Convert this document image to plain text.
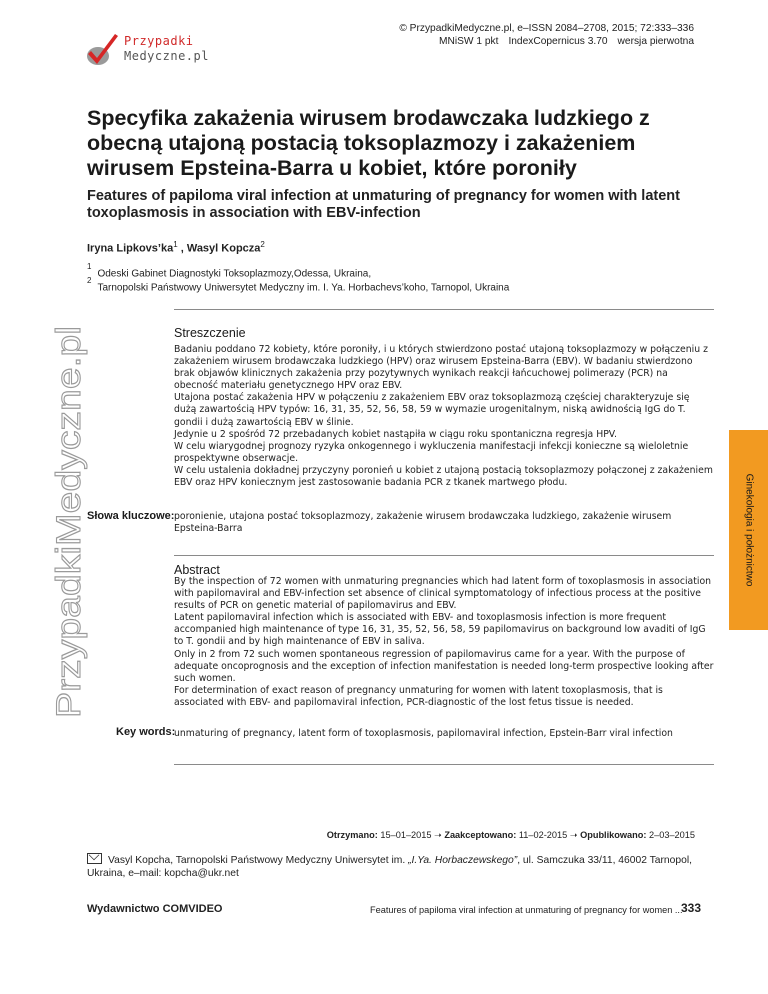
Przypadki
Medyczne.pl
© PrzypadkiMedyczne.pl, e–ISSN 2084–2708, 2015; 72:333–336
MNiSW 1 pkt IndexCopernicus 3.70 wersja pierwotna
Specyfika zakażenia wirusem brodawczaka ludzkiego z obecną utajoną postacią toksoplazmozy i zakażeniem wirusem Epsteina-Barra u kobiet, które poroniły
Features of papiloma viral infection at unmaturing of pregnancy for women with latent toxoplasmosis in association with EBV-infection
Iryna $Lipkovs’ka^1$ , Wasyl Kopcza$^2$
$^1$Odeski Gabinet Diagnostyki Toksoplazmozy,Odessa, Ukraina,
$^2$Tarnopolski Państwowy Uniwersytet Medyczny im. I. Ya. Horbachevs’koho, Tarnopol, Ukraina
PrzypadkiMedyczne.pl
Streszczenie

Badaniu poddano 72 kobiety, które poroniły, i u których stwierdzono postać utajoną toksoplazmozy w połączeniu z zakażeniem wirusem brodawczaka ludzkiego (HPV) oraz wirusem Epsteina-Barra (EBV). W badaniu stwierdzono brak objawów klinicznych zakażenia przy pozytywnych wynikach reakcji łańcuchowej polimerazy (PCR) na obecność materiału genetycznego HPV oraz EBV.

Utajona postać zakażenia HPV w połączeniu z zakażeniem EBV oraz toksoplazmozą częściej charakteryzuje się dużą zawartością HPV typów: 16, 31, 35, 52, 56, 58, 59 w wymazie urogenitalnym, niską awidnością IgG do T. gondii i dużą zawartością EBV w ślinie.

Jedynie u 2 spośród 72 przebadanych kobiet nastąpiła w ciągu roku spontaniczna regresja HPV.

W celu wiarygodnej prognozy ryzyka onkogennego i wykluczenia manifestacji infekcji konieczne są wieloletnie prospektywne obserwacje.

W celu ustalenia dokładnej przyczyny poronień u kobiet z utajoną postacią toksoplazmozy połączonej z zakażeniem EBV oraz HPV koniecznym jest zastosowanie badania PCR z tkanek martwego płodu.

Słowa kluczowe: poronienie, utajona postać toksoplazmozy, zakażenie wirusem brodawczaka ludzkiego, zakażenie wirusem Epsteina-Barra
Abstract

By the inspection of 72 women with unmaturing pregnancies which had latent form of toxoplasmosis in association with papilomaviral and EBV-infection set absence of clinical symptomatology of infectious process at the positive results of PCR on genetic material of papilomavirus and EBV.

Latent papilomaviral infection which is associated with EBV- and toxoplasmosis infection is more frequent accompanied high maintenance of type 16, 31, 35, 52, 56, 58, 59 papilomavirus on background low avaditi of IgG to T. gondii and by high maintenance of EBV in saliva.

Only in 2 from 72 such women spontaneous regression of papilomavirus came for a year. With the purpose of adequate oncoprognosis and the exception of infection manifestation is needed long-term prospective looking after such women.

For determination of exact reason of pregnancy unmaturing for women with latent toxoplasmosis, that is associated with EBV- and papilomaviral infection, PCR-diagnostic of the lost fetus tissue is needed.

Key words:
unmaturing of pregnancy, latent form of toxoplasmosis, papilomaviral infection, Epstein-Barr viral infection
Ginekologia i położnictwo
Otrzymano: 15–01–2015 ➝ Zaakceptowano: 11–02-2015 ➝ Opublikowano: 2–03–2015
Vasyl Kopcha, Tarnopolski Państwowy Medyczny Uniwersytet im. „I.Ya. Horbaczewskego”, ul. Samczuka 33/11, 46002 Tarnopol, Ukraina, e–mail: kopcha@ukr.net
Wydawnictwo COMVIDEO	Features of papiloma viral infection at unmaturing of pregnancy for women ...
333
